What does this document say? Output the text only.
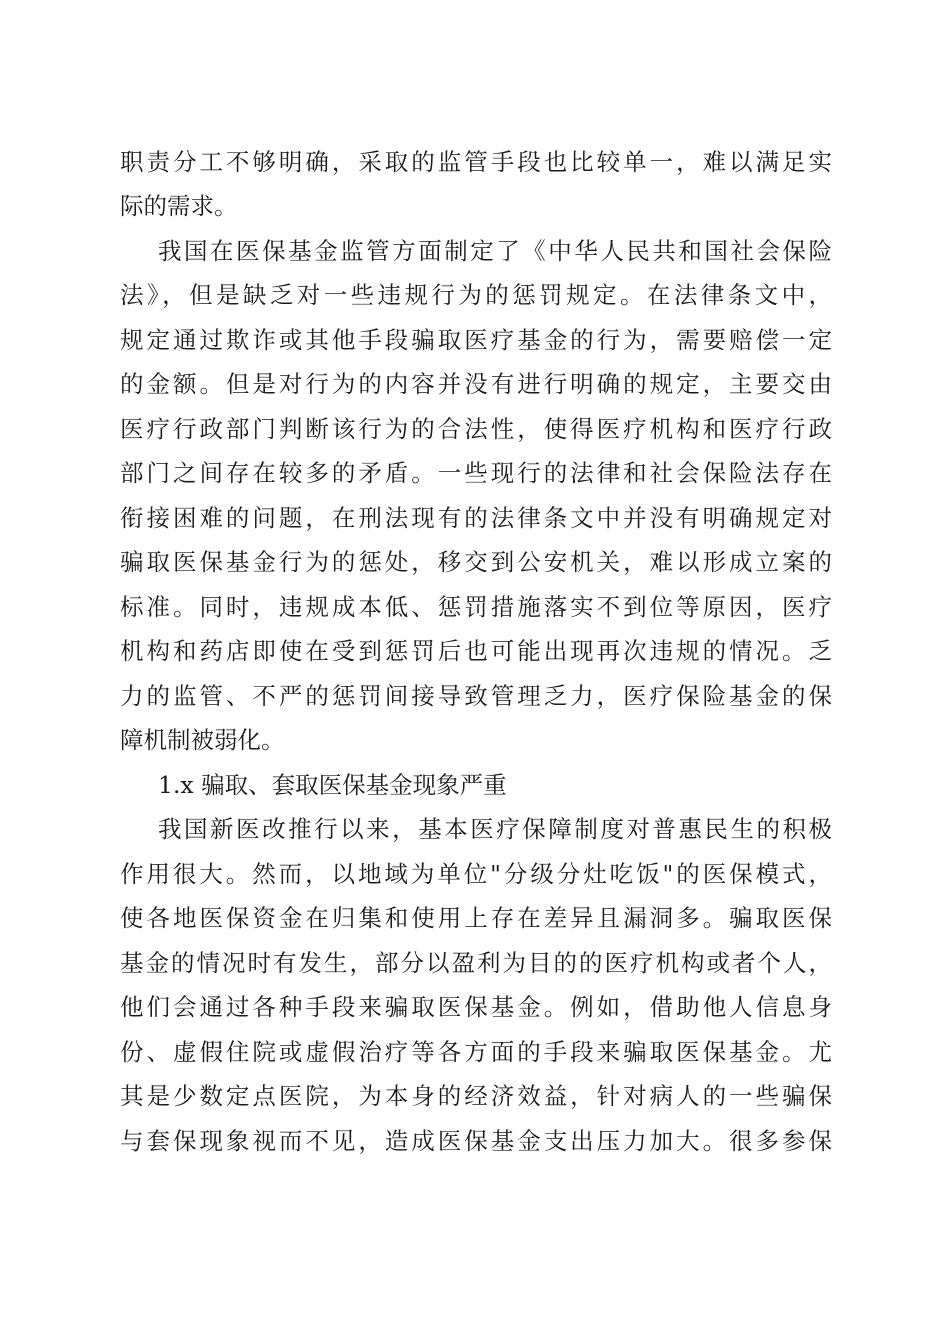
职责分工不够明确，采取的监管手段也比较单一，难以满足实
际的需求。
我国在医保基金监管方面制定了《中华人民共和国社会保险
法》，但是缺乏对一些违规行为的惩罚规定。在法律条文中，
规定通过欺诈或其他手段骗取医疗基金的行为，需要赔偿一定
的金额。但是对行为的内容并没有进行明确的规定，主要交由
医疗行政部门判断该行为的合法性，使得医疗机构和医疗行政
部门之间存在较多的矛盾。一些现行的法律和社会保险法存在
衔接困难的问题，在刑法现有的法律条文中并没有明确规定对
骗取医保基金行为的惩处，移交到公安机关，难以形成立案的
标准。同时，违规成本低、惩罚措施落实不到位等原因，医疗
机构和药店即使在受到惩罚后也可能出现再次违规的情况。乏
力的监管、不严的惩罚间接导致管理乏力，医疗保险基金的保
障机制被弱化。
1.x 骗取、套取医保基金现象严重
我国新医改推行以来，基本医疗保障制度对普惠民生的积极
作用很大。然而，以地域为单位"分级分灶吃饭"的医保模式，
使各地医保资金在归集和使用上存在差异且漏洞多。骗取医保
基金的情况时有发生，部分以盈利为目的的医疗机构或者个人，
他们会通过各种手段来骗取医保基金。例如，借助他人信息身
份、虚假住院或虚假治疗等各方面的手段来骗取医保基金。尤
其是少数定点医院，为本身的经济效益，针对病人的一些骗保
与套保现象视而不见，造成医保基金支出压力加大。很多参保
